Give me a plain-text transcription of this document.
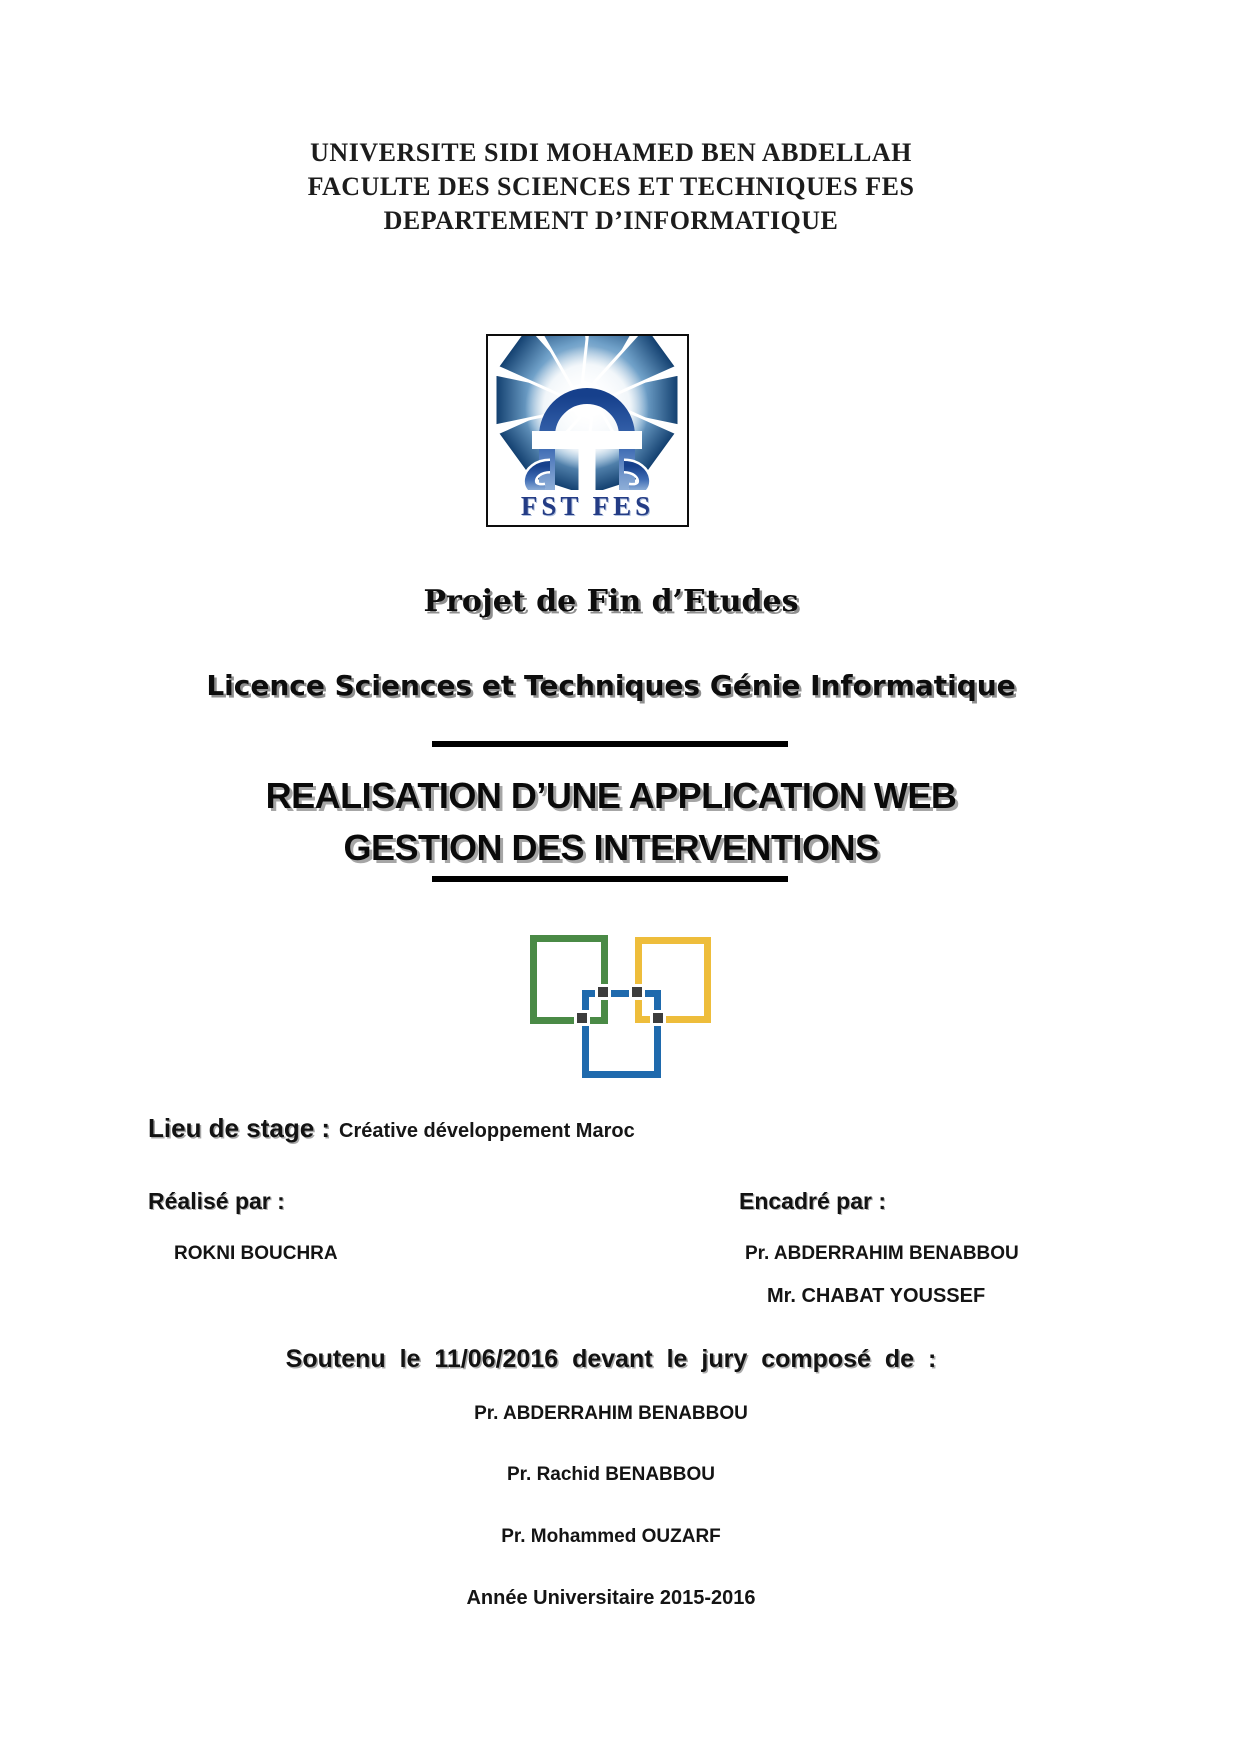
UNIVERSITE SIDI MOHAMED BEN ABDELLAH
FACULTE DES SCIENCES ET TECHNIQUES FES
DEPARTEMENT D’INFORMATIQUE
FST FES
Projet de Fin d’Etudes
Licence Sciences et Techniques Génie Informatique
REALISATION D’UNE APPLICATION WEB
GESTION DES INTERVENTIONS
Lieu de stage : Créative développement Maroc
Réalisé par :	Encadré par :
ROKNI BOUCHRA	Pr. ABDERRAHIM BENABBOU
Mr. CHABAT YOUSSEF
Soutenu le 11/06/2016 devant le jury composé de :
Pr. ABDERRAHIM BENABBOU
Pr. Rachid BENABBOU
Pr. Mohammed OUZARF
Année Universitaire 2015-2016
